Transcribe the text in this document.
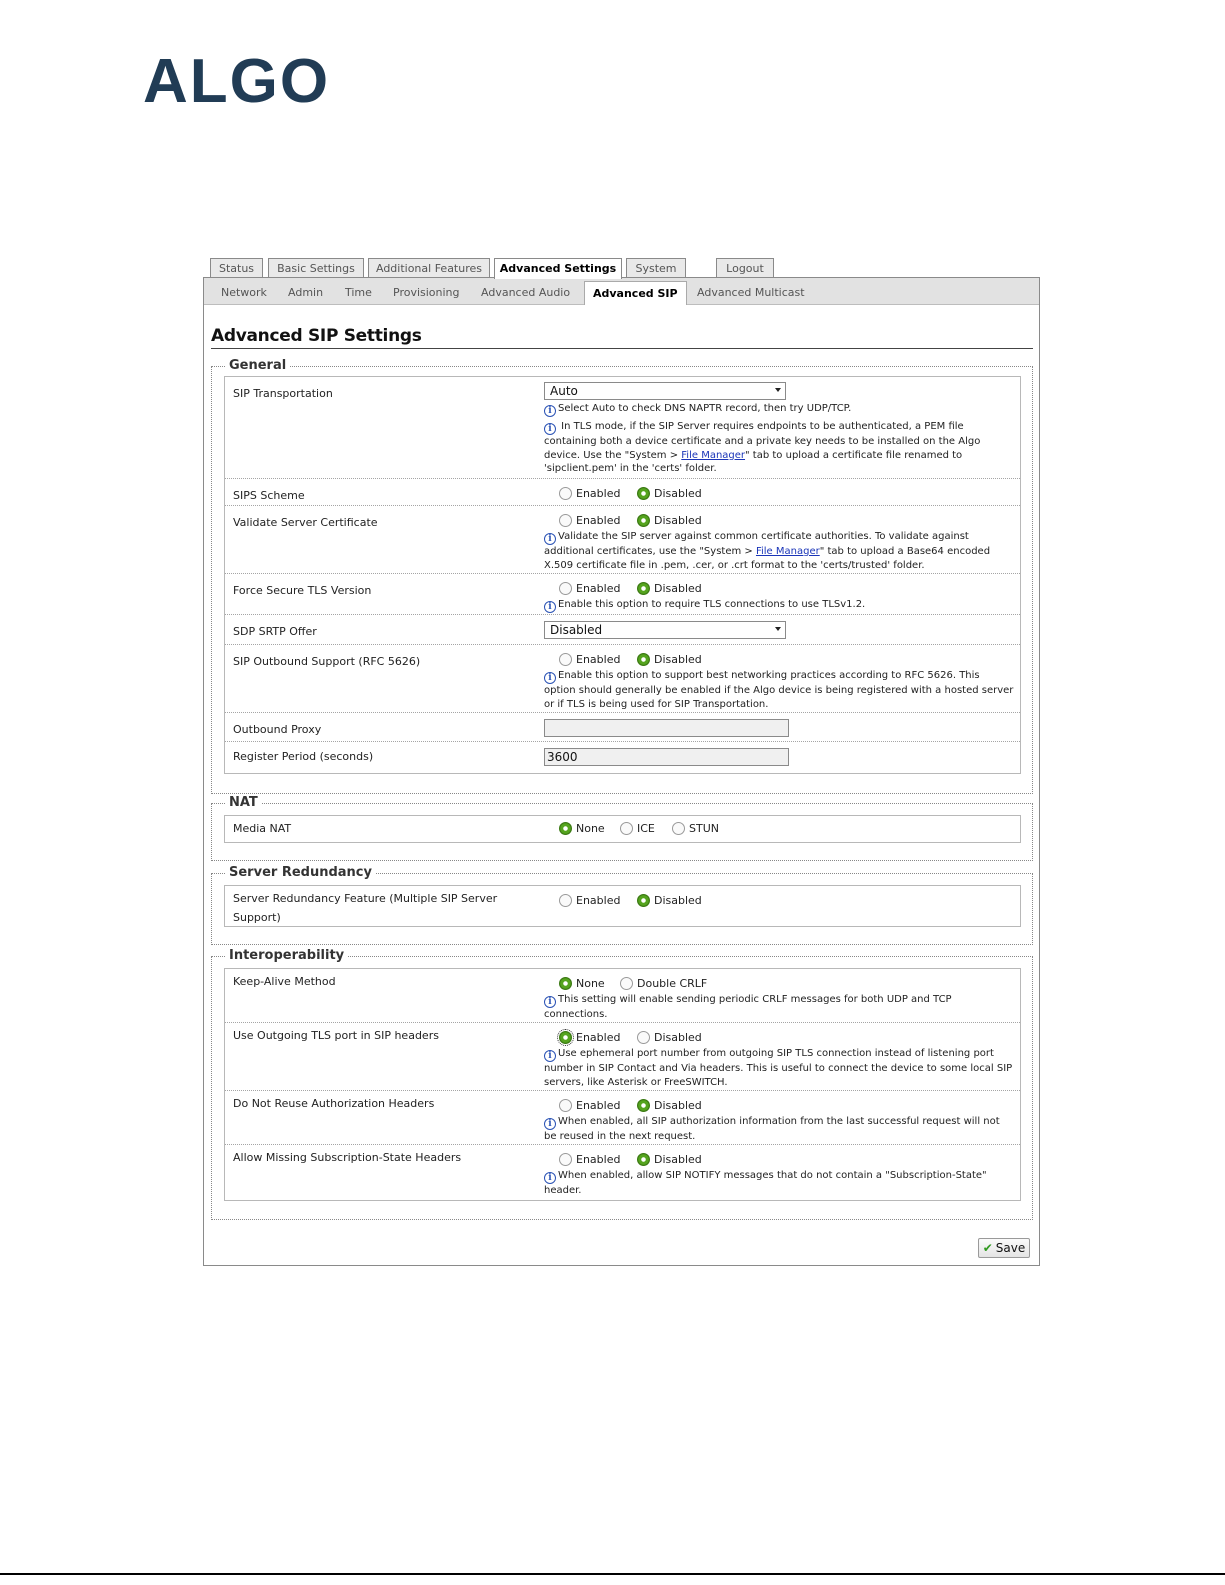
ALGO
Status	Basic Settings	Additional Features	Advanced Settings	System	Logout
Network	Admin	Time	Provisioning	Advanced Audio	Advanced SIP	Advanced Multicast
Advanced SIP Settings
General
SIP Transportation	Auto
i Select Auto to check DNS NAPTR record, then try UDP/TCP.
i In TLS mode, if the SIP Server requires endpoints to be authenticated, a PEM file containing both a device certificate and a private key needs to be installed on the Algo device. Use the "System > File Manager" tab to upload a certificate file renamed to 'sipclient.pem' in the 'certs' folder.
SIPS Scheme	Enabled	Disabled
Validate Server Certificate	Enabled	Disabled
i Validate the SIP server against common certificate authorities. To validate against additional certificates, use the "System > File Manager" tab to upload a Base64 encoded X.509 certificate file in .pem, .cer, or .crt format to the 'certs/trusted' folder.
Force Secure TLS Version	Enabled	Disabled
i Enable this option to require TLS connections to use TLSv1.2.
SDP SRTP Offer	Disabled
SIP Outbound Support (RFC 5626)	Enabled	Disabled
i Enable this option to support best networking practices according to RFC 5626. This option should generally be enabled if the Algo device is being registered with a hosted server or if TLS is being used for SIP Transportation.
Outbound Proxy
Register Period (seconds)	3600
NAT
Media NAT	None	ICE	STUN
Server Redundancy
Server Redundancy Feature (Multiple SIP Server Support)
Enabled	Disabled
Interoperability
Keep-Alive Method	None	Double CRLF
i This setting will enable sending periodic CRLF messages for both UDP and TCP connections.
Use Outgoing TLS port in SIP headers	Enabled	Disabled
i Use ephemeral port number from outgoing SIP TLS connection instead of listening port number in SIP Contact and Via headers. This is useful to connect the device to some local SIP servers, like Asterisk or FreeSWITCH.
Do Not Reuse Authorization Headers	Enabled	Disabled
i When enabled, all SIP authorization information from the last successful request will not be reused in the next request.
Allow Missing Subscription-State Headers	Enabled	Disabled
i When enabled, allow SIP NOTIFY messages that do not contain a "Subscription-State" header.
✔ Save
